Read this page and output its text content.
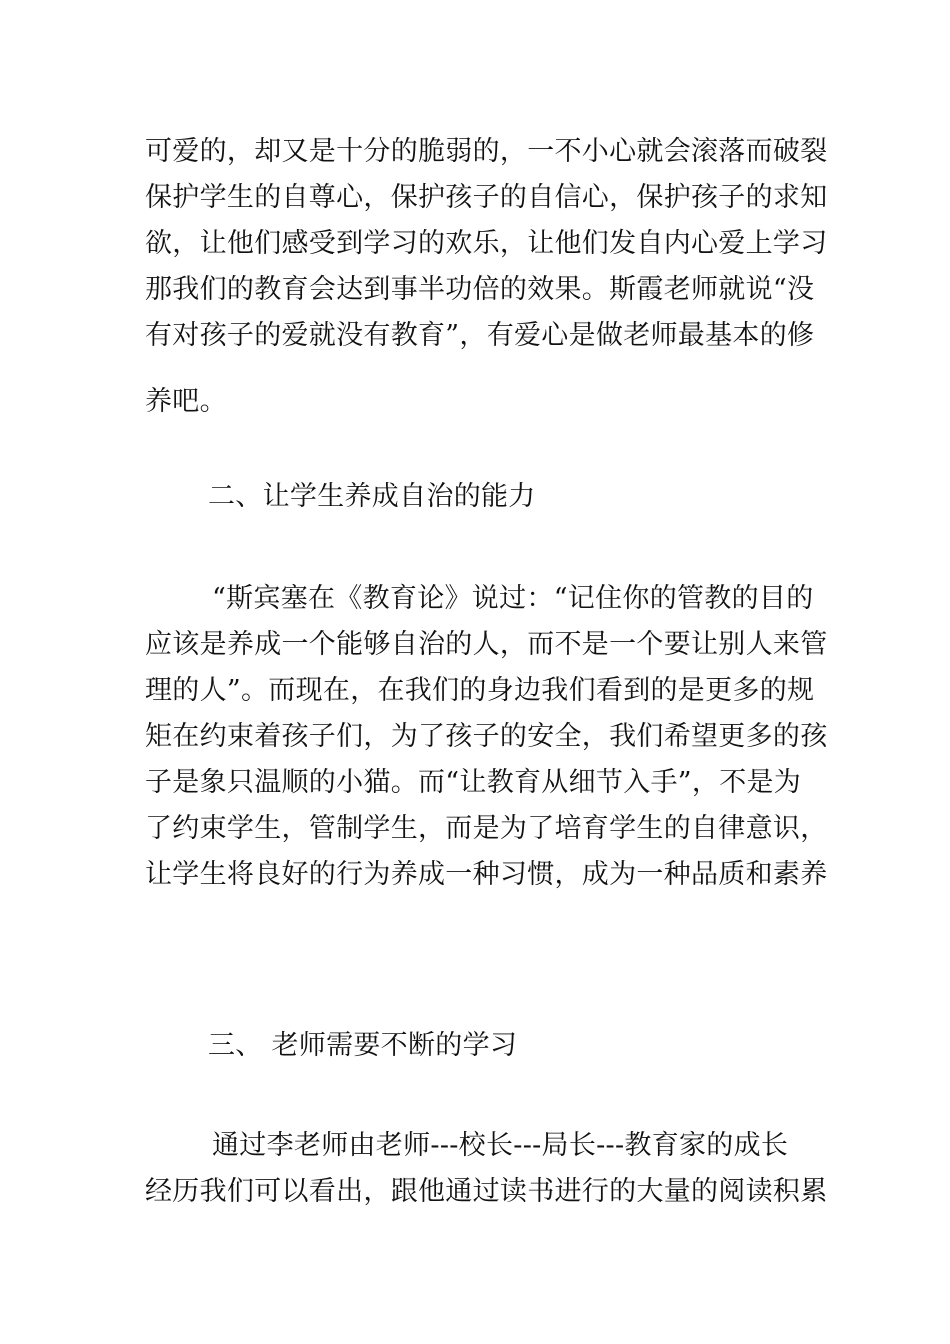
可爱的，却又是十分的脆弱的，一不小心就会滚落而破裂
保护学生的自尊心，保护孩子的自信心，保护孩子的求知
欲，让他们感受到学习的欢乐，让他们发自内心爱上学习
那我们的教育会达到事半功倍的效果。斯霞老师就说“没
有对孩子的爱就没有教育”，有爱心是做老师最基本的修
养吧。
二、让学生养成自治的能力
“斯宾塞在《教育论》说过：“记住你的管教的目的
应该是养成一个能够自治的人，而不是一个要让别人来管
理的人”。而现在，在我们的身边我们看到的是更多的规
矩在约束着孩子们，为了孩子的安全，我们希望更多的孩
子是象只温顺的小猫。而“让教育从细节入手”，不是为
了约束学生，管制学生，而是为了培育学生的自律意识，
让学生将良好的行为养成一种习惯，成为一种品质和素养
三、 老师需要不断的学习
通过李老师由老师---校长---局长---教育家的成长
经历我们可以看出，跟他通过读书进行的大量的阅读积累
